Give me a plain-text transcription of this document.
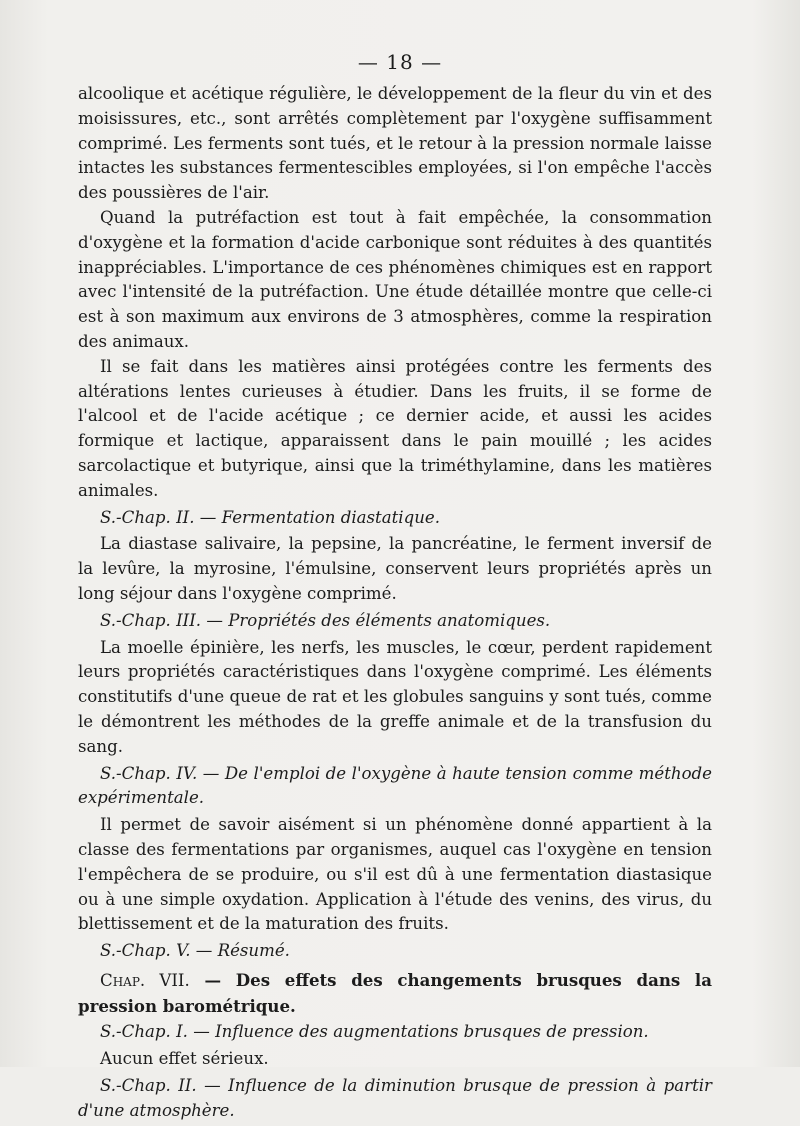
— 18 —

alcoolique et acétique régulière, le développement de la fleur du vin et des moisissures, etc., sont arrêtés complètement par l'oxygène suffisamment comprimé. Les ferments sont tués, et le retour à la pression normale laisse intactes les substances fermentescibles employées, si l'on empêche l'accès des poussières de l'air.

Quand la putréfaction est tout à fait empêchée, la consommation d'oxygène et la formation d'acide carbonique sont réduites à des quantités inappréciables. L'importance de ces phénomènes chimiques est en rapport avec l'intensité de la putréfaction. Une étude détaillée montre que celle-ci est à son maximum aux environs de 3 atmosphères, comme la respiration des animaux.

Il se fait dans les matières ainsi protégées contre les ferments des altérations lentes curieuses à étudier. Dans les fruits, il se forme de l'alcool et de l'acide acétique ; ce dernier acide, et aussi les acides formique et lactique, apparaissent dans le pain mouillé ; les acides sarcolactique et butyrique, ainsi que la triméthylamine, dans les matières animales.

S.-Chap. II. — Fermentation diastatique.

La diastase salivaire, la pepsine, la pancréatine, le ferment inversif de la levûre, la myrosine, l'émulsine, conservent leurs propriétés après un long séjour dans l'oxygène comprimé.

S.-Chap. III. — Propriétés des éléments anatomiques.

La moelle épinière, les nerfs, les muscles, le cœur, perdent rapidement leurs propriétés caractéristiques dans l'oxygène comprimé. Les éléments constitutifs d'une queue de rat et les globules sanguins y sont tués, comme le démontrent les méthodes de la greffe animale et de la transfusion du sang.

S.-Chap. IV. — De l'emploi de l'oxygène à haute tension comme méthode expérimentale.

Il permet de savoir aisément si un phénomène donné appartient à la classe des fermentations par organismes, auquel cas l'oxygène en tension l'empêchera de se produire, ou s'il est dû à une fermentation diastasique ou à une simple oxydation. Application à l'étude des venins, des virus, du blettissement et de la maturation des fruits.

S.-Chap. V. — Résumé.

Chap. VII. — Des effets des changements brusques dans la pression barométrique.

S.-Chap. I. — Influence des augmentations brusques de pression.

Aucun effet sérieux.

S.-Chap. II. — Influence de la diminution brusque de pression à partir d'une atmosphère.
